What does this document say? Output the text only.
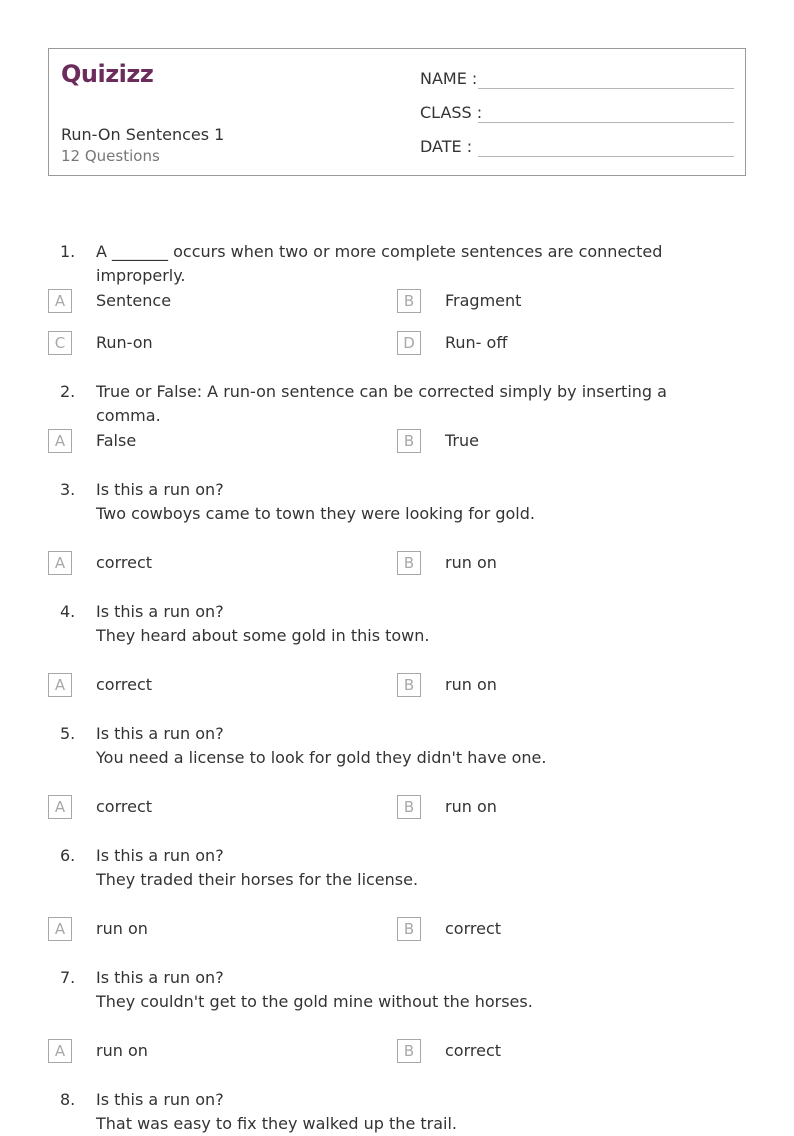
Quizizz
Run-On Sentences 1
12 Questions
NAME :
CLASS :
DATE :
1. A _______ occurs when two or more complete sentences are connected improperly.
A	Sentence	B	Fragment
C	Run-on	D	Run- off
2. True or False: A run-on sentence can be corrected simply by inserting a comma.
A	False	B	True
3. Is this a run on?
Two cowboys came to town they were looking for gold.
A	correct	B	run on
4. Is this a run on?
They heard about some gold in this town.
A	correct	B	run on
5. Is this a run on?
You need a license to look for gold they didn't have one.
A	correct	B	run on
6. Is this a run on?
They traded their horses for the license.
A	run on	B	correct
7. Is this a run on?
They couldn't get to the gold mine without the horses.
A	run on	B	correct
8. Is this a run on?
That was easy to fix they walked up the trail.
